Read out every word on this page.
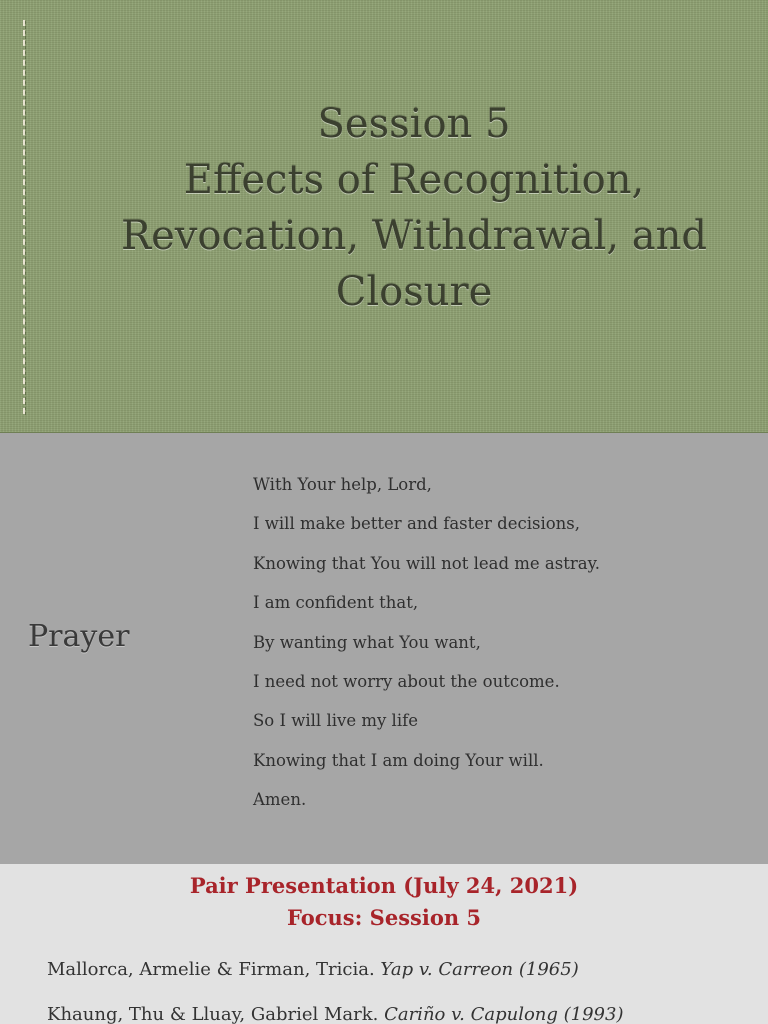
Session 5
Effects of Recognition,
Revocation, Withdrawal, and
Closure
Prayer
With Your help, Lord,
I will make better and faster decisions,
Knowing that You will not lead me astray.
I am confident that,
By wanting what You want,
I need not worry about the outcome.
So I will live my life
Knowing that I am doing Your will.
Amen.
Pair Presentation (July 24, 2021)
Focus: Session 5
Mallorca, Armelie & Firman, Tricia. Yap v. Carreon (1965)
Khaung, Thu & Lluay, Gabriel Mark. Cariño v. Capulong (1993)
